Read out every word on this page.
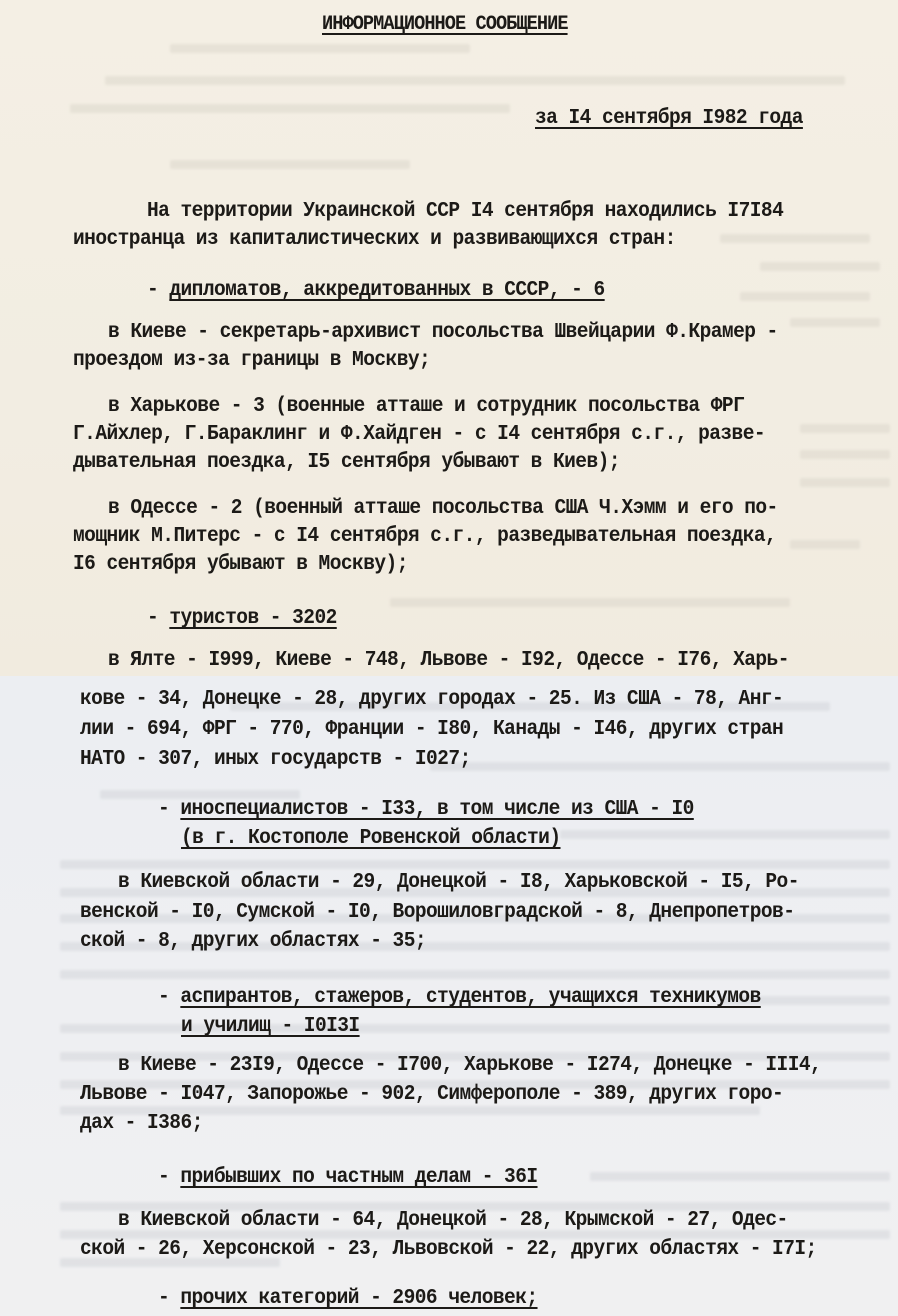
ИНФОРМАЦИОННОЕ СООБЩЕНИЕ
за I4 сентября I982 года
На территории Украинской ССР I4 сентября находились I7I84
иностранца из капиталистических и развивающихся стран:
- дипломатов, аккредитованных в СССР, - 6
в Киеве - секретарь-архивист посольства Швейцарии Ф.Крамер -
проездом из-за границы в Москву;
в Харькове - 3 (военные атташе и сотрудник посольства ФРГ
Г.Айхлер, Г.Бараклинг и Ф.Хайдген - с I4 сентября с.г., разве-
дывательная поездка, I5 сентября убывают в Киев);
в Одессе - 2 (военный атташе посольства США Ч.Хэмм и его по-
мощник М.Питерс - с I4 сентября с.г., разведывательная поездка,
I6 сентября убывают в Москву);
- туристов - 3202
в Ялте - I999, Киеве - 748, Львове - I92, Одессе - I76, Харь-
кове - 34, Донецке - 28, других городах - 25. Из США - 78, Анг-
лии - 694, ФРГ - 770, Франции - I80, Канады - I46, других стран
НАТО - 307, иных государств - I027;
- иноспециалистов - I33, в том числе из США - I0
(в г. Костополе Ровенской области)
в Киевской области - 29, Донецкой - I8, Харьковской - I5, Ро-
венской - I0, Сумской - I0, Ворошиловградской - 8, Днепропетров-
ской - 8, других областях - 35;
- аспирантов, стажеров, студентов, учащихся техникумов
и училищ - I0I3I
в Киеве - 23I9, Одессе - I700, Харькове - I274, Донецке - III4,
Львове - I047, Запорожье - 902, Симферополе - 389, других горо-
дах - I386;
- прибывших по частным делам - 36I
в Киевской области - 64, Донецкой - 28, Крымской - 27, Одес-
ской - 26, Херсонской - 23, Львовской - 22, других областях - I7I;
- прочих категорий - 2906 человек;
